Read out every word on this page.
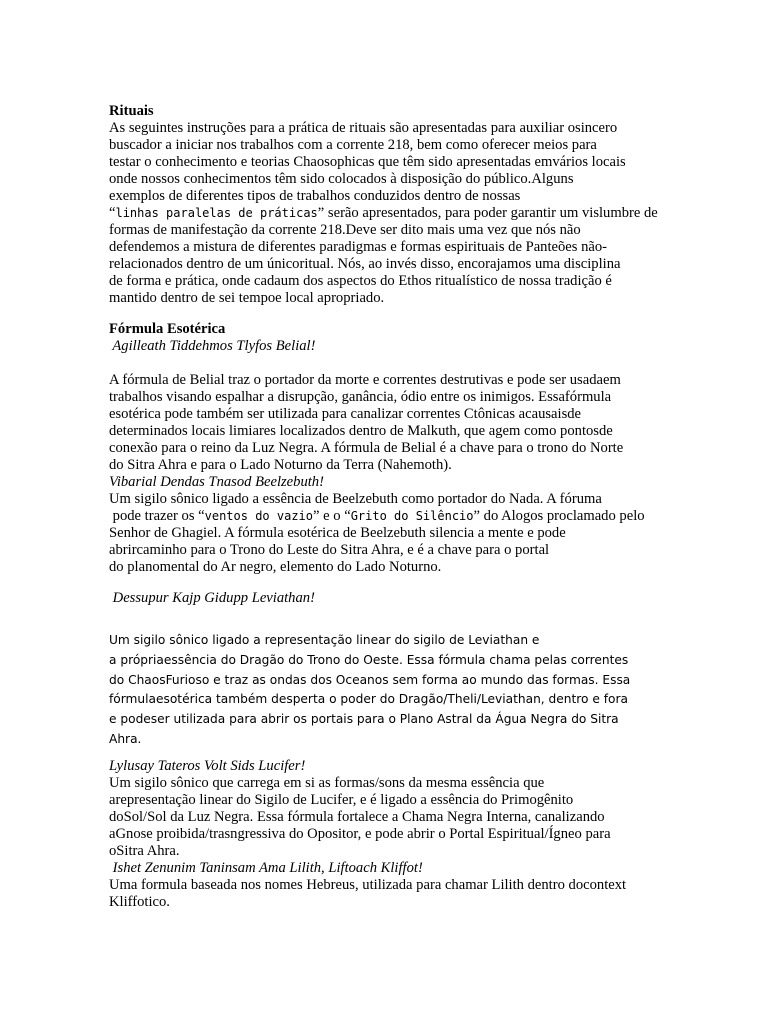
Rituais
As seguintes instruções para a prática de rituais são apresentadas para auxiliar osincero
buscador a iniciar nos trabalhos com a corrente 218, bem como oferecer meios para
testar o conhecimento e teorias Chaosophicas que têm sido apresentadas emvários locais
onde nossos conhecimentos têm sido colocados à disposição do público.Alguns
exemplos de diferentes tipos de trabalhos conduzidos dentro de nossas
“linhas paralelas de práticas” serão apresentados, para poder garantir um vislumbre de
formas de manifestação da corrente 218.Deve ser dito mais uma vez que nós não
defendemos a mistura de diferentes paradigmas e formas espirituais de Panteões não-
relacionados dentro de um únicoritual. Nós, ao invés disso, encorajamos uma disciplina
de forma e prática, onde cadaum dos aspectos do Ethos ritualístico de nossa tradição é
mantido dentro de sei tempoe local apropriado.
Fórmula Esotérica
Agilleath Tiddehmos Tlyfos Belial!
A fórmula de Belial traz o portador da morte e correntes destrutivas e pode ser usadaem
trabalhos visando espalhar a disrupção, ganância, ódio entre os inimigos. Essafórmula
esotérica pode também ser utilizada para canalizar correntes Ctônicas acausaisde
determinados locais limiares localizados dentro de Malkuth, que agem como pontosde
conexão para o reino da Luz Negra. A fórmula de Belial é a chave para o trono do Norte
do Sitra Ahra e para o Lado Noturno da Terra (Nahemoth).
Vibarial Dendas Tnasod Beelzebuth!
Um sigilo sônico ligado a essência de Beelzebuth como portador do Nada. A fóruma
pode trazer os “ventos do vazio” e o “Grito do Silêncio” do Alogos proclamado pelo
Senhor de Ghagiel. A fórmula esotérica de Beelzebuth silencia a mente e pode
abrircaminho para o Trono do Leste do Sitra Ahra, e é a chave para o portal
do planomental do Ar negro, elemento do Lado Noturno.
Dessupur Kajp Gidupp Leviathan!
Um sigilo sônico ligado a representação linear do sigilo de Leviathan e
a própriaessência do Dragão do Trono do Oeste. Essa fórmula chama pelas correntes
do ChaosFurioso e traz as ondas dos Oceanos sem forma ao mundo das formas. Essa
fórmulaesotérica também desperta o poder do Dragão/Theli/Leviathan, dentro e fora
e podeser utilizada para abrir os portais para o Plano Astral da Água Negra do Sitra
Ahra.
Lylusay Tateros Volt Sids Lucifer!
Um sigilo sônico que carrega em si as formas/sons da mesma essência que
arepresentação linear do Sigilo de Lucifer, e é ligado a essência do Primogênito
doSol/Sol da Luz Negra. Essa fórmula fortalece a Chama Negra Interna, canalizando
aGnose proibida/trasngressiva do Opositor, e pode abrir o Portal Espiritual/Ígneo para
oSitra Ahra.
Ishet Zenunim Taninsam Ama Lilith, Liftoach Kliffot!
Uma formula baseada nos nomes Hebreus, utilizada para chamar Lilith dentro docontext
Kliffotico.
